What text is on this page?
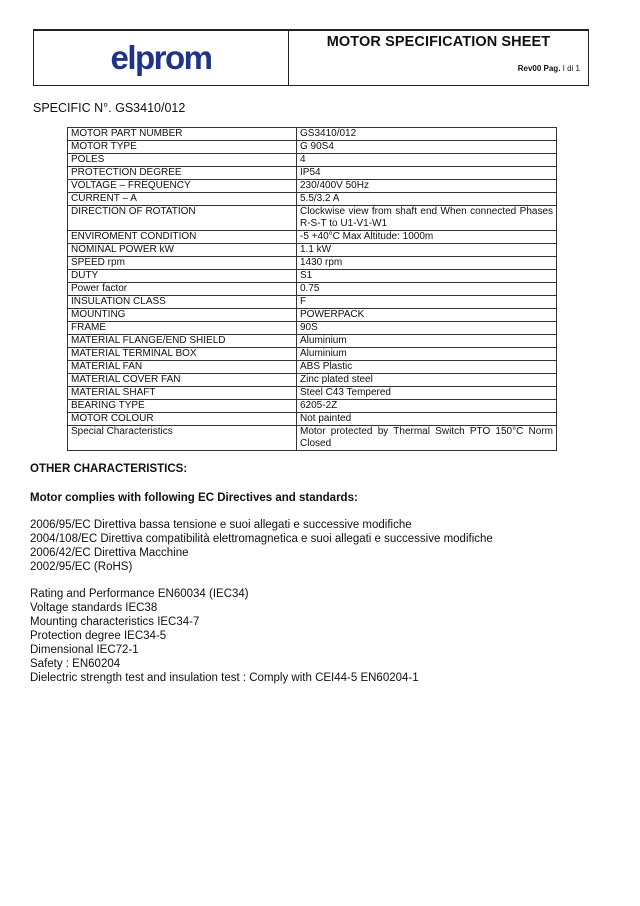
elprom	MOTOR SPECIFICATION SHEET
Rev00 Pag. I di 1
SPECIFIC N°. GS3410/012
MOTOR PART NUMBER	GS3410/012
MOTOR TYPE	G 90S4
POLES	4
PROTECTION DEGREE	IP54
VOLTAGE – FREQUENCY	230/400V 50Hz
CURRENT – A	5.5/3.2 A
DIRECTION OF ROTATION	Clockwise view from shaft end When connected Phases R-S-T to U1-V1-W1
ENVIROMENT CONDITION	-5 +40°C Max Altitude: 1000m
NOMINAL POWER kW	1.1 kW
SPEED rpm	1430 rpm
DUTY	S1
Power factor	0.75
INSULATION CLASS	F
MOUNTING	POWERPACK
FRAME	90S
MATERIAL FLANGE/END SHIELD	Aluminium
MATERIAL TERMINAL BOX	Aluminium
MATERIAL FAN	ABS Plastic
MATERIAL COVER FAN	Zinc plated steel
MATERIAL SHAFT	Steel C43 Tempered
BEARING TYPE	6205-2Z
MOTOR COLOUR	Not painted
Special Characteristics	Motor protected by Thermal Switch PTO 150°C Norm Closed
OTHER CHARACTERISTICS:
Motor complies with following EC Directives and standards:
2006/95/EC Direttiva bassa tensione e suoi allegati e successive modifiche
2004/108/EC Direttiva compatibilità elettromagnetica e suoi allegati e successive modifiche
2006/42/EC Direttiva Macchine
2002/95/EC (RoHS)
Rating and Performance EN60034 (IEC34)
Voltage standards IEC38
Mounting characteristics IEC34-7
Protection degree IEC34-5
Dimensional IEC72-1
Safety : EN60204
Dielectric strength test and insulation test : Comply with CEI44-5 EN60204-1
